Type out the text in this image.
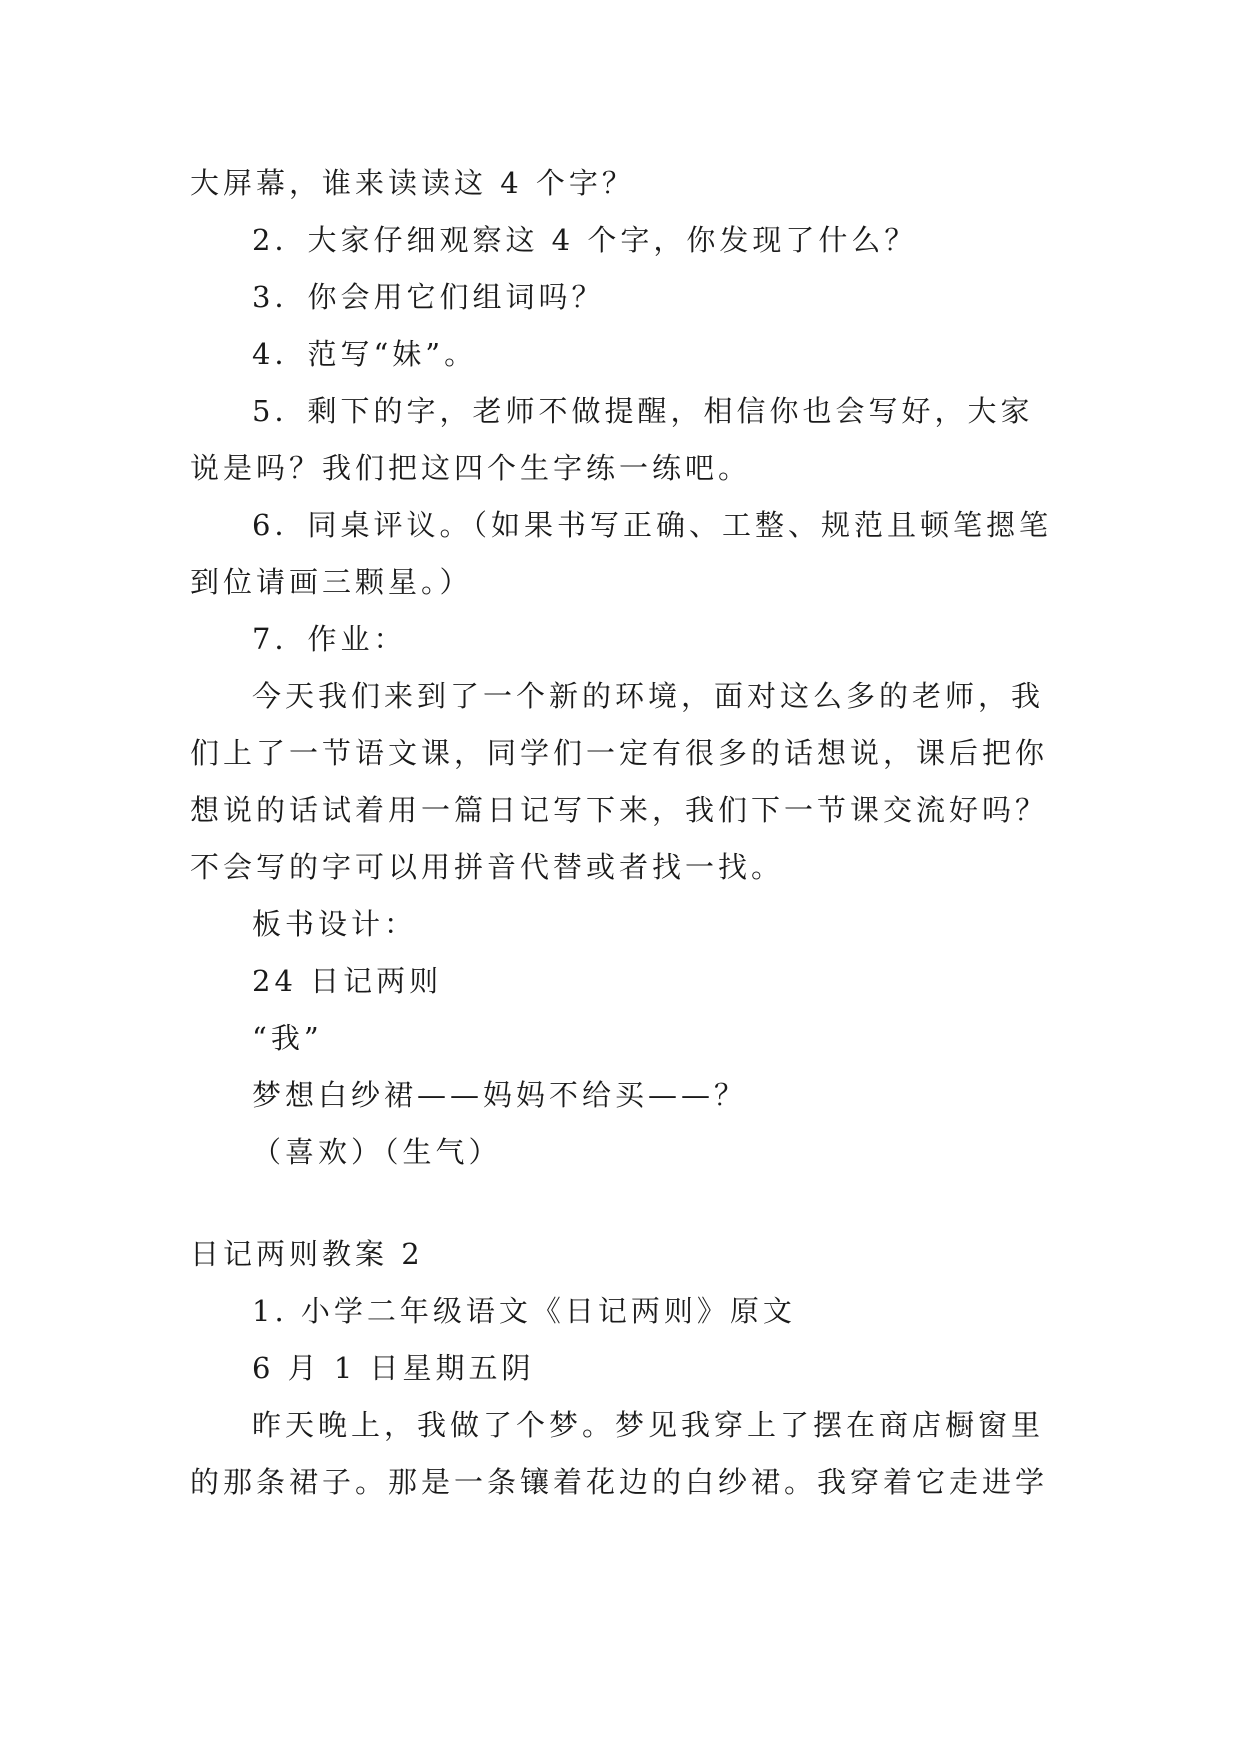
大屏幕，谁来读读这 4 个字？
2．大家仔细观察这 4 个字，你发现了什么？
3．你会用它们组词吗？
4．范写“妹”。
5．剩下的字，老师不做提醒，相信你也会写好，大家
说是吗？我们把这四个生字练一练吧。
6．同桌评议。（如果书写正确、工整、规范且顿笔摁笔
到位请画三颗星。）
7．作业：
今天我们来到了一个新的环境，面对这么多的老师，我
们上了一节语文课，同学们一定有很多的话想说，课后把你
想说的话试着用一篇日记写下来，我们下一节课交流好吗？
不会写的字可以用拼音代替或者找一找。
板书设计：
24 日记两则
“我”
梦想白纱裙——妈妈不给买——？
（喜欢）（生气）
日记两则教案 2
1. 小学二年级语文《日记两则》原文
6 月 1 日星期五阴
昨天晚上，我做了个梦。梦见我穿上了摆在商店橱窗里
的那条裙子。那是一条镶着花边的白纱裙。我穿着它走进学
